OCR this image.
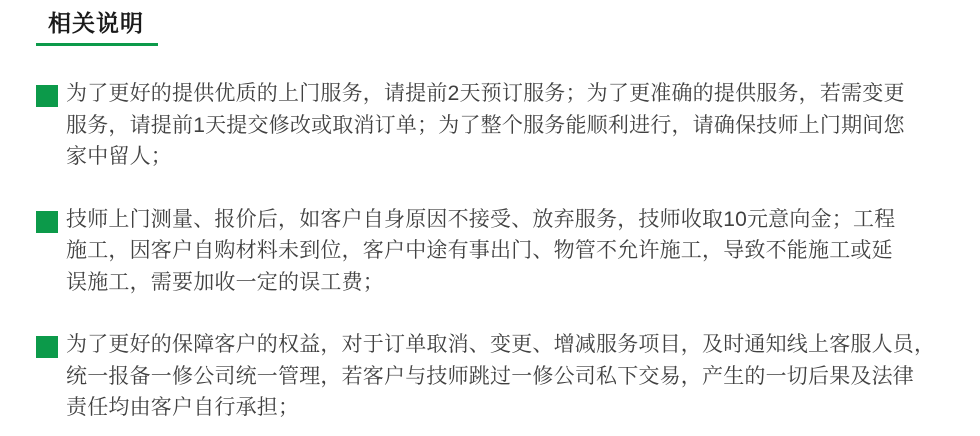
相关说明
为了更好的提供优质的上门服务，请提前2天预订服务；为了更准确的提供服务，若需变更
服务，请提前1天提交修改或取消订单；为了整个服务能顺利进行，请确保技师上门期间您
家中留人；
技师上门测量、报价后，如客户自身原因不接受、放弃服务，技师收取10元意向金；工程
施工，因客户自购材料未到位，客户中途有事出门、物管不允许施工，导致不能施工或延
误施工，需要加收一定的误工费；
为了更好的保障客户的权益，对于订单取消、变更、增减服务项目，及时通知线上客服人员，
统一报备一修公司统一管理，若客户与技师跳过一修公司私下交易，产生的一切后果及法律
责任均由客户自行承担；
